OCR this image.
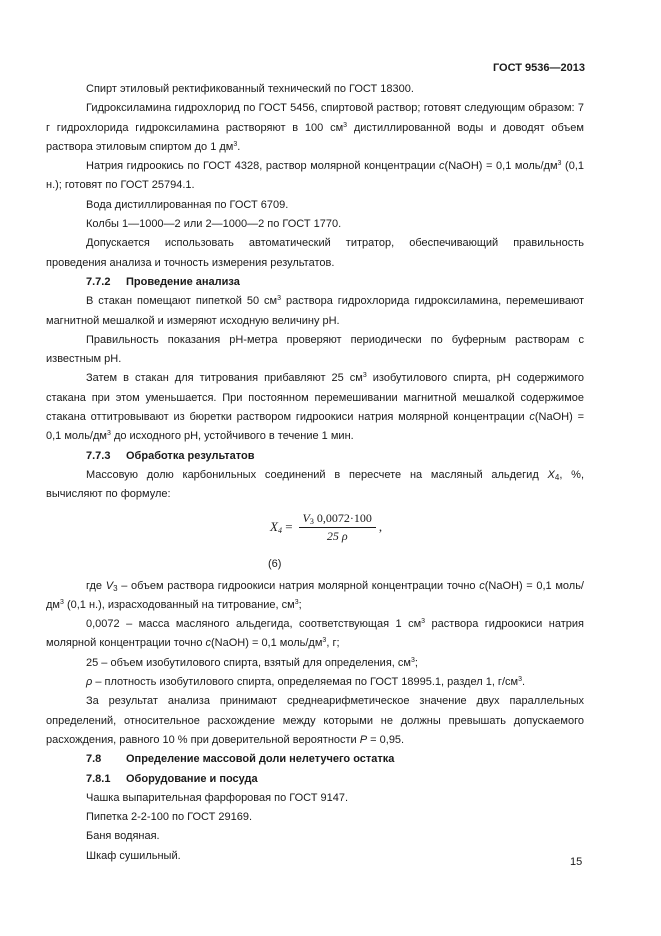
ГОСТ 9536—2013

Спирт этиловый ректификованный технический по ГОСТ 18300.

Гидроксиламина гидрохлорид по ГОСТ 5456, спиртовой раствор; готовят следующим образом: 7 г гидрохлорида гидроксиламина растворяют в 100 $см^3$ дистиллированной воды и доводят объем раствора этиловым спиртом до 1 $дм^3$.

Натрия гидроокись по ГОСТ 4328, раствор молярной концентрации c(NaOH) = 0,1 моль/$дм^3$ (0,1 н.); готовят по ГОСТ 25794.1.

Вода дистиллированная по ГОСТ 6709.

Колбы 1—1000—2 или 2—1000—2 по ГОСТ 1770.

Допускается использовать автоматический титратор, обеспечивающий правильность проведения анализа и точность измерения результатов.

7.7.2 Проведение анализа

В стакан помещают пипеткой 50 $см^3$ раствора гидрохлорида гидроксиламина, перемешивают магнитной мешалкой и измеряют исходную величину pH.

Правильность показания pH-метра проверяют периодически по буферным растворам с известным pH.

Затем в стакан для титрования прибавляют 25 $см^3$ изобутилового спирта, pH содержимого стакана при этом уменьшается. При постоянном перемешивании магнитной мешалкой содержимое стакана оттитровывают из бюретки раствором гидроокиси натрия молярной концентрации c(NaOH) = 0,1 моль/$дм^3$ до исходного pH, устойчивого в течение 1 мин.

7.7.3 Обработка результатов

Массовую долю карбонильных соединений в пересчете на масляный альдегид $X_4$, %, вычисляют по формуле:

$X_4 = \frac{V_3 0,0072\cdot 100}{25 \rho}$ ,
(6)

где $V_3$ – объем раствора гидроокиси натрия молярной концентрации точно c(NaOH) = 0,1 моль/$дм^3$ (0,1 н.), израсходованный на титрование, $см^3$;

0,0072 – масса масляного альдегида, соответствующая 1 $см^3$ раствора гидроокиси натрия молярной концентрации точно c(NaOH) = 0,1 моль/$дм^3$, г;

25 – объем изобутилового спирта, взятый для определения, $см^3$;

ρ – плотность изобутилового спирта, определяемая по ГОСТ 18995.1, раздел 1, $г/см^3$.

За результат анализа принимают среднеарифметическое значение двух параллельных определений, относительное расхождение между которыми не должны превышать допускаемого расхождения, равного 10 % при доверительной вероятности P = 0,95.

7.8 Определение массовой доли нелетучего остатка
7.8.1 Оборудование и посуда

Чашка выпарительная фарфоровая по ГОСТ 9147.

Пипетка 2-2-100 по ГОСТ 29169.

Баня водяная.

Шкаф сушильный.

15
